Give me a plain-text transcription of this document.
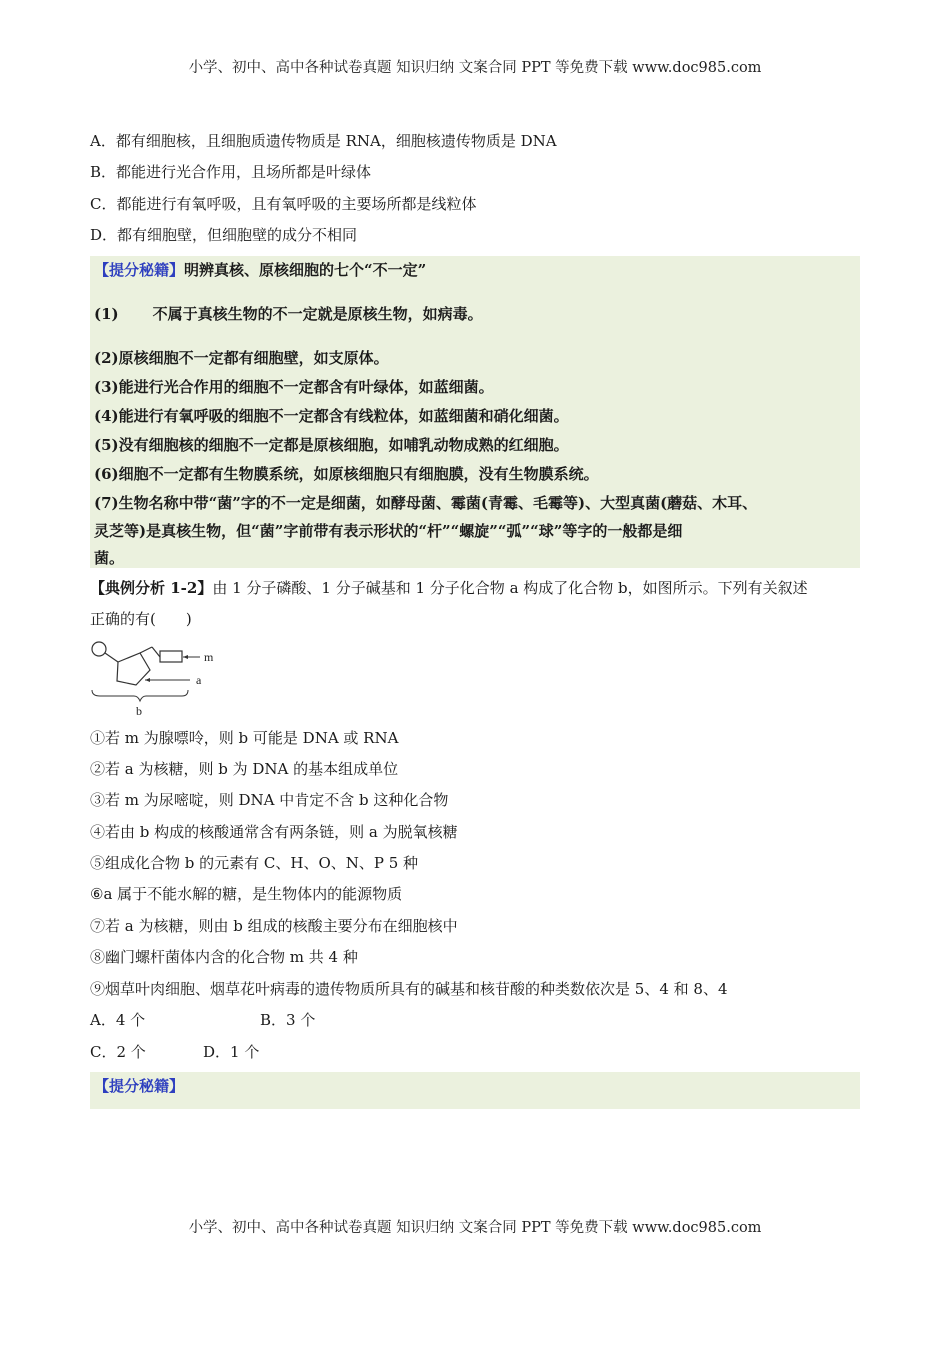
小学、初中、高中各种试卷真题 知识归纳 文案合同 PPT 等免费下载 www.doc985.com
A．都有细胞核，且细胞质遗传物质是 RNA，细胞核遗传物质是 DNA
B．都能进行光合作用，且场所都是叶绿体
C．都能进行有氧呼吸，且有氧呼吸的主要场所都是线粒体
D．都有细胞壁，但细胞壁的成分不相同
【提分秘籍】明辨真核、原核细胞的七个“不一定”
(1) 不属于真核生物的不一定就是原核生物，如病毒。
(2)原核细胞不一定都有细胞壁，如支原体。
(3)能进行光合作用的细胞不一定都含有叶绿体，如蓝细菌。
(4)能进行有氧呼吸的细胞不一定都含有线粒体，如蓝细菌和硝化细菌。
(5)没有细胞核的细胞不一定都是原核细胞，如哺乳动物成熟的红细胞。
(6)细胞不一定都有生物膜系统，如原核细胞只有细胞膜，没有生物膜系统。
(7)生物名称中带“菌”字的不一定是细菌，如酵母菌、霉菌(青霉、毛霉等)、大型真菌(蘑菇、木耳、
灵芝等)是真核生物，但“菌”字前带有表示形状的“杆”“螺旋”“弧”“球”等字的一般都是细
菌。
【典例分析 1-2】由 1 分子磷酸、1 分子碱基和 1 分子化合物 a 构成了化合物 b，如图所示。下列有关叙述
正确的有(　　)
m
a
b
①若 m 为腺嘌呤，则 b 可能是 DNA 或 RNA
②若 a 为核糖，则 b 为 DNA 的基本组成单位
③若 m 为尿嘧啶，则 DNA 中肯定不含 b 这种化合物
④若由 b 构成的核酸通常含有两条链，则 a 为脱氧核糖
⑤组成化合物 b 的元素有 C、H、O、N、P 5 种
⑥a 属于不能水解的糖，是生物体内的能源物质
⑦若 a 为核糖，则由 b 组成的核酸主要分布在细胞核中
⑧幽门螺杆菌体内含的化合物 m 共 4 种
⑨烟草叶肉细胞、烟草花叶病毒的遗传物质所具有的碱基和核苷酸的种类数依次是 5、4 和 8、4
A．4 个	B．3 个
C．2 个	D．1 个
【提分秘籍】
小学、初中、高中各种试卷真题 知识归纳 文案合同 PPT 等免费下载 www.doc985.com
